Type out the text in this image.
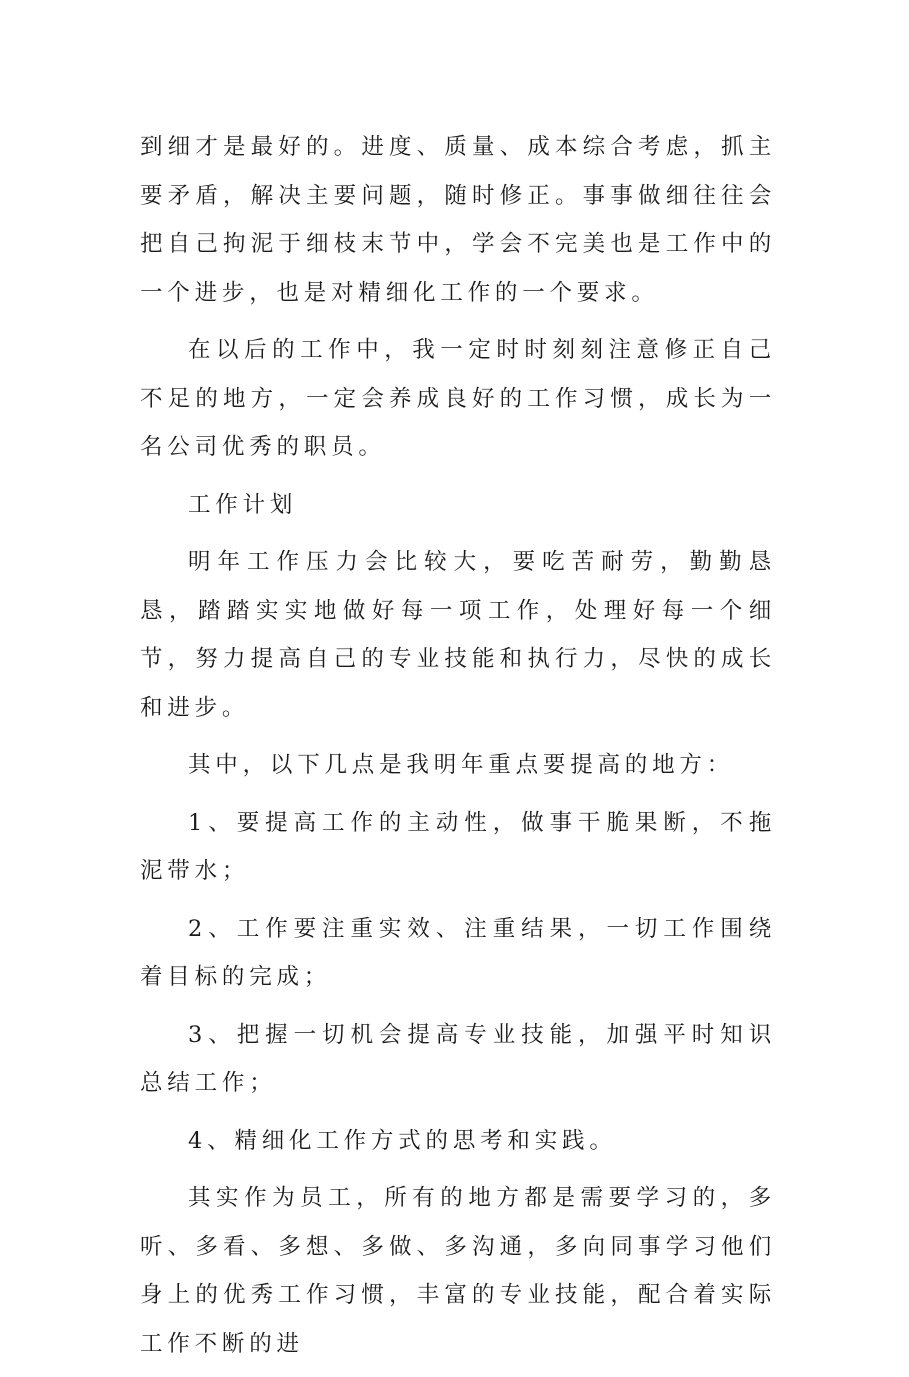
到细才是最好的。进度、质量、成本综合考虑，抓主要矛盾，解决主要问题，随时修正。事事做细往往会把自己拘泥于细枝末节中，学会不完美也是工作中的一个进步，也是对精细化工作的一个要求。

在以后的工作中，我一定时时刻刻注意修正自己不足的地方，一定会养成良好的工作习惯，成长为一名公司优秀的职员。

工作计划

明年工作压力会比较大，要吃苦耐劳，勤勤恳恳，踏踏实实地做好每一项工作，处理好每一个细节，努力提高自己的专业技能和执行力，尽快的成长和进步。

其中，以下几点是我明年重点要提高的地方：

1、要提高工作的主动性，做事干脆果断，不拖泥带水；

2、工作要注重实效、注重结果，一切工作围绕着目标的完成；

3、把握一切机会提高专业技能，加强平时知识总结工作；

4、精细化工作方式的思考和实践。

其实作为员工，所有的地方都是需要学习的，多听、多看、多想、多做、多沟通，多向同事学习他们身上的优秀工作习惯，丰富的专业技能，配合着实际工作不断的进
